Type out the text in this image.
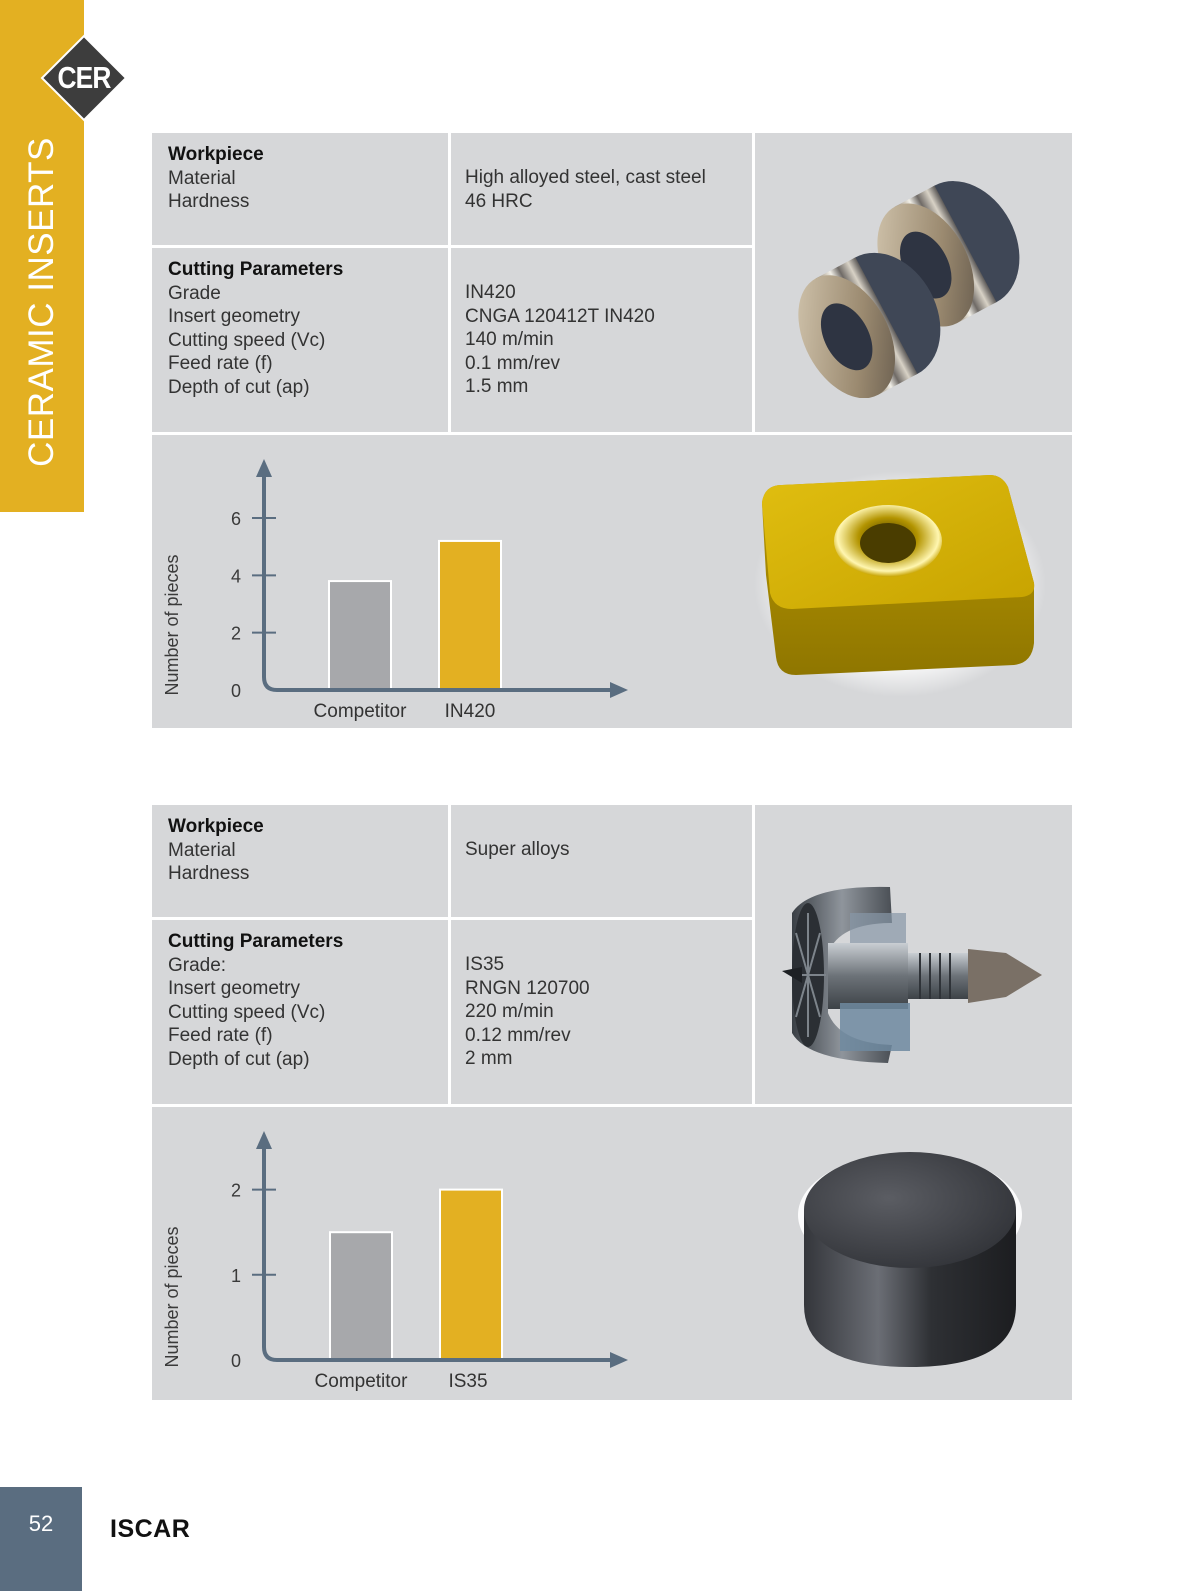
CERAMIC INSERTS
CER
Workpiece
Material
Hardness
High alloyed steel, cast steel
46 HRC
Cutting Parameters
Grade
Insert geometry
Cutting speed (Vc)
Feed rate (f)
Depth of cut (ap)
IN420
CNGA 120412T IN420
140 m/min
0.1 mm/rev
1.5 mm
Number of pieces	0
2
4
6
Competitor IN420
Workpiece
Material
Hardness
Super alloys
Cutting Parameters
Grade:
Insert geometry
Cutting speed (Vc)
Feed rate (f)
Depth of cut (ap)
IS35
RNGN 120700
220 m/min
0.12 mm/rev
2 mm
Number of pieces	0
1
2
Competitor IS35
52 ISCAR
